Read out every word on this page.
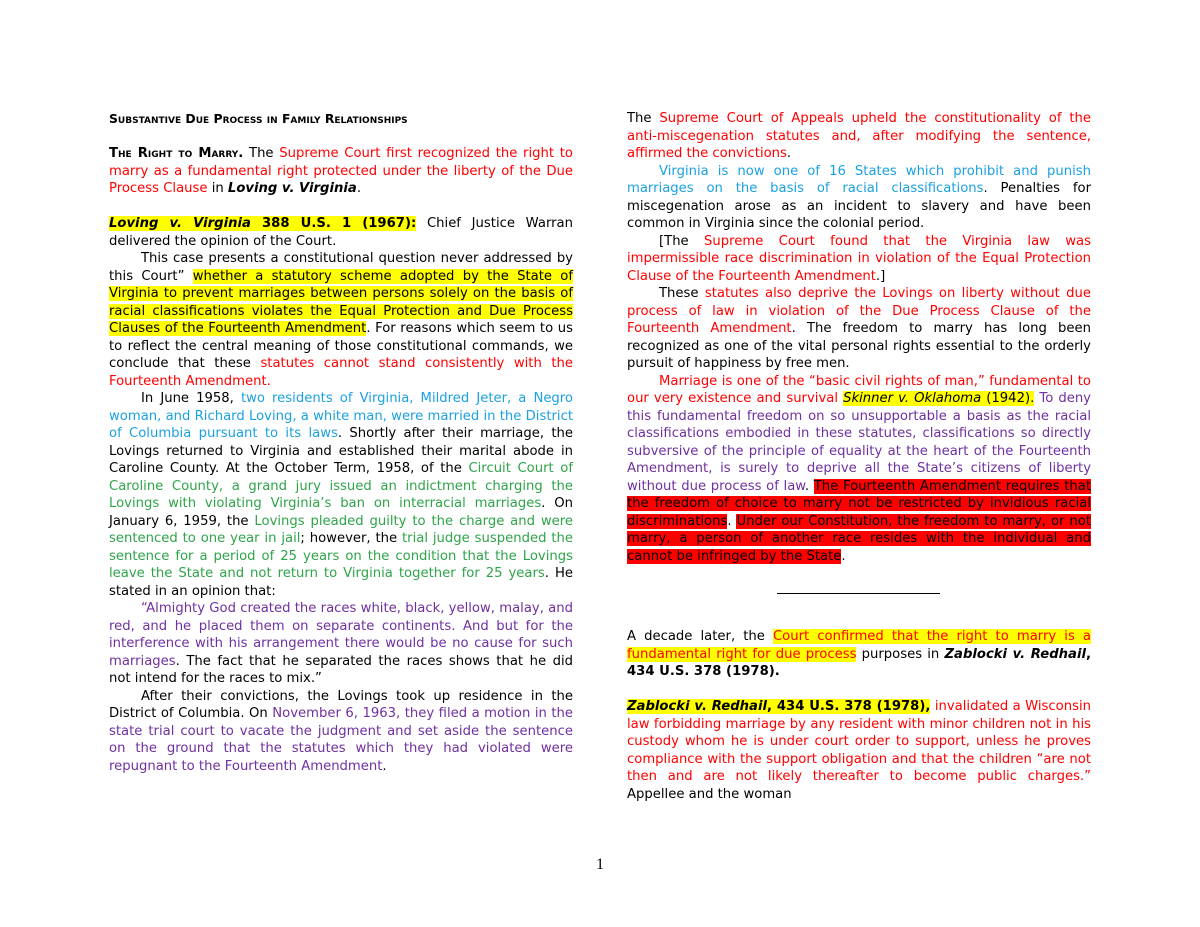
Substantive Due Process in Family Relationships

The Right to Marry. The Supreme Court first recognized the right to marry as a fundamental right protected under the liberty of the Due Process Clause in Loving v. Virginia.

Loving v. Virginia 388 U.S. 1 (1967): Chief Justice Warran delivered the opinion of the Court.

This case presents a constitutional question never addressed by this Court” whether a statutory scheme adopted by the State of Virginia to prevent marriages between persons solely on the basis of racial classifications violates the Equal Protection and Due Process Clauses of the Fourteenth Amendment. For reasons which seem to us to reflect the central meaning of those constitutional commands, we conclude that these statutes cannot stand consistently with the Fourteenth Amendment.

In June 1958, two residents of Virginia, Mildred Jeter, a Negro woman, and Richard Loving, a white man, were married in the District of Columbia pursuant to its laws. Shortly after their marriage, the Lovings returned to Virginia and established their marital abode in Caroline County. At the October Term, 1958, of the Circuit Court of Caroline County, a grand jury issued an indictment charging the Lovings with violating Virginia’s ban on interracial marriages. On January 6, 1959, the Lovings pleaded guilty to the charge and were sentenced to one year in jail; however, the trial judge suspended the sentence for a period of 25 years on the condition that the Lovings leave the State and not return to Virginia together for 25 years. He stated in an opinion that:

“Almighty God created the races white, black, yellow, malay, and red, and he placed them on separate continents. And but for the interference with his arrangement there would be no cause for such marriages. The fact that he separated the races shows that he did not intend for the races to mix.”

After their convictions, the Lovings took up residence in the District of Columbia. On November 6, 1963, they filed a motion in the state trial court to vacate the judgment and set aside the sentence on the ground that the statutes which they had violated were repugnant to the Fourteenth Amendment.

The Supreme Court of Appeals upheld the constitutionality of the anti-miscegenation statutes and, after modifying the sentence, affirmed the convictions.

Virginia is now one of 16 States which prohibit and punish marriages on the basis of racial classifications. Penalties for miscegenation arose as an incident to slavery and have been common in Virginia since the colonial period.

[The Supreme Court found that the Virginia law was impermissible race discrimination in violation of the Equal Protection Clause of the Fourteenth Amendment.]

These statutes also deprive the Lovings on liberty without due process of law in violation of the Due Process Clause of the Fourteenth Amendment. The freedom to marry has long been recognized as one of the vital personal rights essential to the orderly pursuit of happiness by free men.

Marriage is one of the “basic civil rights of man,” fundamental to our very existence and survival Skinner v. Oklahoma (1942). To deny this fundamental freedom on so unsupportable a basis as the racial classifications embodied in these statutes, classifications so directly subversive of the principle of equality at the heart of the Fourteenth Amendment, is surely to deprive all the State’s citizens of liberty without due process of law. The Fourteenth Amendment requires that the freedom of choice to marry not be restricted by invidious racial discriminations. Under our Constitution, the freedom to marry, or not marry, a person of another race resides with the individual and cannot be infringed by the State.

A decade later, the Court confirmed that the right to marry is a fundamental right for due process purposes in Zablocki v. Redhail, 434 U.S. 378 (1978).

Zablocki v. Redhail, 434 U.S. 378 (1978), invalidated a Wisconsin law forbidding marriage by any resident with minor children not in his custody whom he is under court order to support, unless he proves compliance with the support obligation and that the children “are not then and are not likely thereafter to become public charges.” Appellee and the woman

1
